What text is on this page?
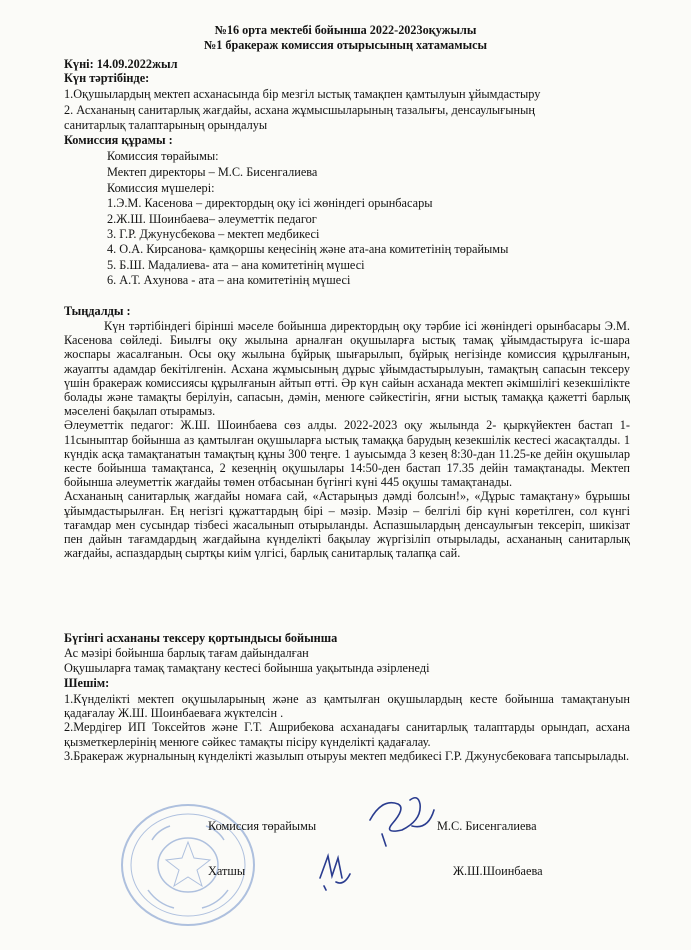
№16 орта мектебі бойынша 2022-2023оқужылы
№1 бракераж комиссия отырысының хатамамысы
Күні: 14.09.2022жыл
Күн тәртібінде:
1.Оқушылардың мектеп асханасында бір мезгіл ыстық тамақпен қамтылуын ұйымдастыру
2. Асхананың санитарлық жағдайы, асхана жұмысшыларының тазалығы, денсаулығының
санитарлық талаптарының орындалуы
Комиссия құрамы :
Комиссия төрайымы:
Мектеп директоры – М.С. Бисенгалиева
Комиссия мүшелері:
1.Э.М. Касенова – директордың оқу ісі жөніндегі орынбасары
2.Ж.Ш. Шоинбаева– әлеуметтік педагог
3. Г.Р. Джунусбекова – мектеп медбикесі
4. О.А. Кирсанова- қамқоршы кеңесінің және ата-ана комитетінің төрайымы
5. Б.Ш. Мадалиева- ата – ана комитетінің мүшесі
6. А.Т. Ахунова - ата – ана комитетінің мүшесі
Тыңдалды :

Күн тәртібіндегі бірінші мәселе бойынша директордың оқу тәрбие ісі жөніндегі орынбасары Э.М. Касенова сөйледі. Биылғы оқу жылына арналған оқушыларға ыстық тамақ ұйымдастыруға іс-шара жоспары жасалғанын. Осы оқу жылына бұйрық шығарылып, бұйрық негізінде комиссия құрылғанын, жауапты адамдар бекітілгенін. Асхана жұмысының дұрыс ұйымдастырылуын, тамақтың сапасын тексеру үшін бракераж комиссиясы құрылғанын айтып өтті. Әр күн сайын асханада мектеп әкімшілігі кезекшілікте болады және тамақты берілуін, сапасын, дәмін, менюге сәйкестігін, яғни ыстық тамаққа қажетті барлық мәселені бақылап отырамыз.

Әлеуметтік педагог: Ж.Ш. Шоинбаева сөз алды. 2022-2023 оқу жылында 2- қыркүйектен бастап 1-11сыныптар бойынша аз қамтылған оқушыларға ыстық тамаққа барудың кезекшілік кестесі жасақталды. 1 күндік асқа тамақтанатын тамақтың құны 300 теңге. 1 ауысымда 3 кезең 8:30-дан 11.25-ке дейін оқушылар кесте бойынша тамақтанса, 2 кезеңнің оқушылары 14:50-ден бастап 17.35 дейін тамақтанады. Мектеп бойынша әлеуметтік жағдайы төмен отбасынан бүгінгі күні 445 оқушы тамақтанады.

Асхананың санитарлық жағдайы номаға сай, «Астарыңыз дәмді болсын!», «Дұрыс тамақтану» бұрышы ұйымдастырылған. Ең негізгі құжаттардың бірі – мәзір. Мәзір – белгілі бір күні көретілген, сол күнгі тағамдар мен сусындар тізбесі жасалынып отырыланды. Аспазшылардың денсаулығын тексеріп, шикізат пен дайын тағамдардың жағдайына күнделікті бақылау жүргізіліп отырылады, асхананың санитарлық жағдайы, аспаздардың сыртқы киім үлгісі, барлық санитарлық талапқа сай.

Бүгінгі асхананы тексеру қортындысы бойынша
Ас мәзірі бойынша барлық тағам дайындалған
Оқушыларға тамақ тамақтану кестесі бойынша уақытында әзірленеді
Шешім:

1.Күнделікті мектеп оқушыларының және аз қамтылған оқушылардың кесте бойынша тамақтануын қадағалау Ж.Ш. Шоинбаеваға жүктелсін .

2.Мердігер ИП Токсейтов және Г.Т. Ашрибекова асханадағы санитарлық талаптарды орындап, асхана қызметкерлерінің менюге сәйкес тамақты пісіру күнделікті қадағалау.

3.Бракераж журналының күнделікті жазылып отыруы мектеп медбикесі Г.Р. Джунусбековаға тапсырылады.

Комиссия төрайымы	М.С. Бисенгалиева
Хатшы	Ж.Ш.Шоинбаева
